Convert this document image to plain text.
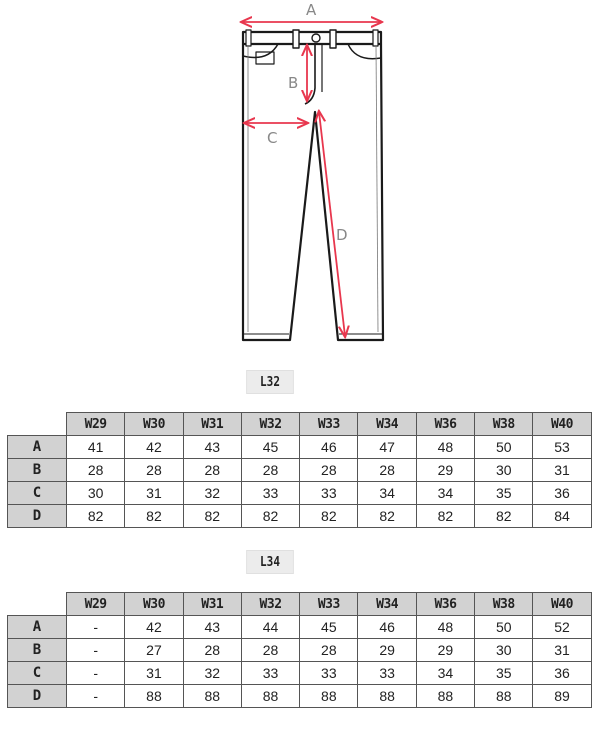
A
B
C
D
L32
	W29	W30	W31	W32	W33	W34	W36	W38	W40
A	41	42	43	45	46	47	48	50	53
B	28	28	28	28	28	28	29	30	31
C	30	31	32	33	33	34	34	35	36
D	82	82	82	82	82	82	82	82	84
L34
	W29	W30	W31	W32	W33	W34	W36	W38	W40
A	-	42	43	44	45	46	48	50	52
B	-	27	28	28	28	29	29	30	31
C	-	31	32	33	33	33	34	35	36
D	-	88	88	88	88	88	88	88	89
